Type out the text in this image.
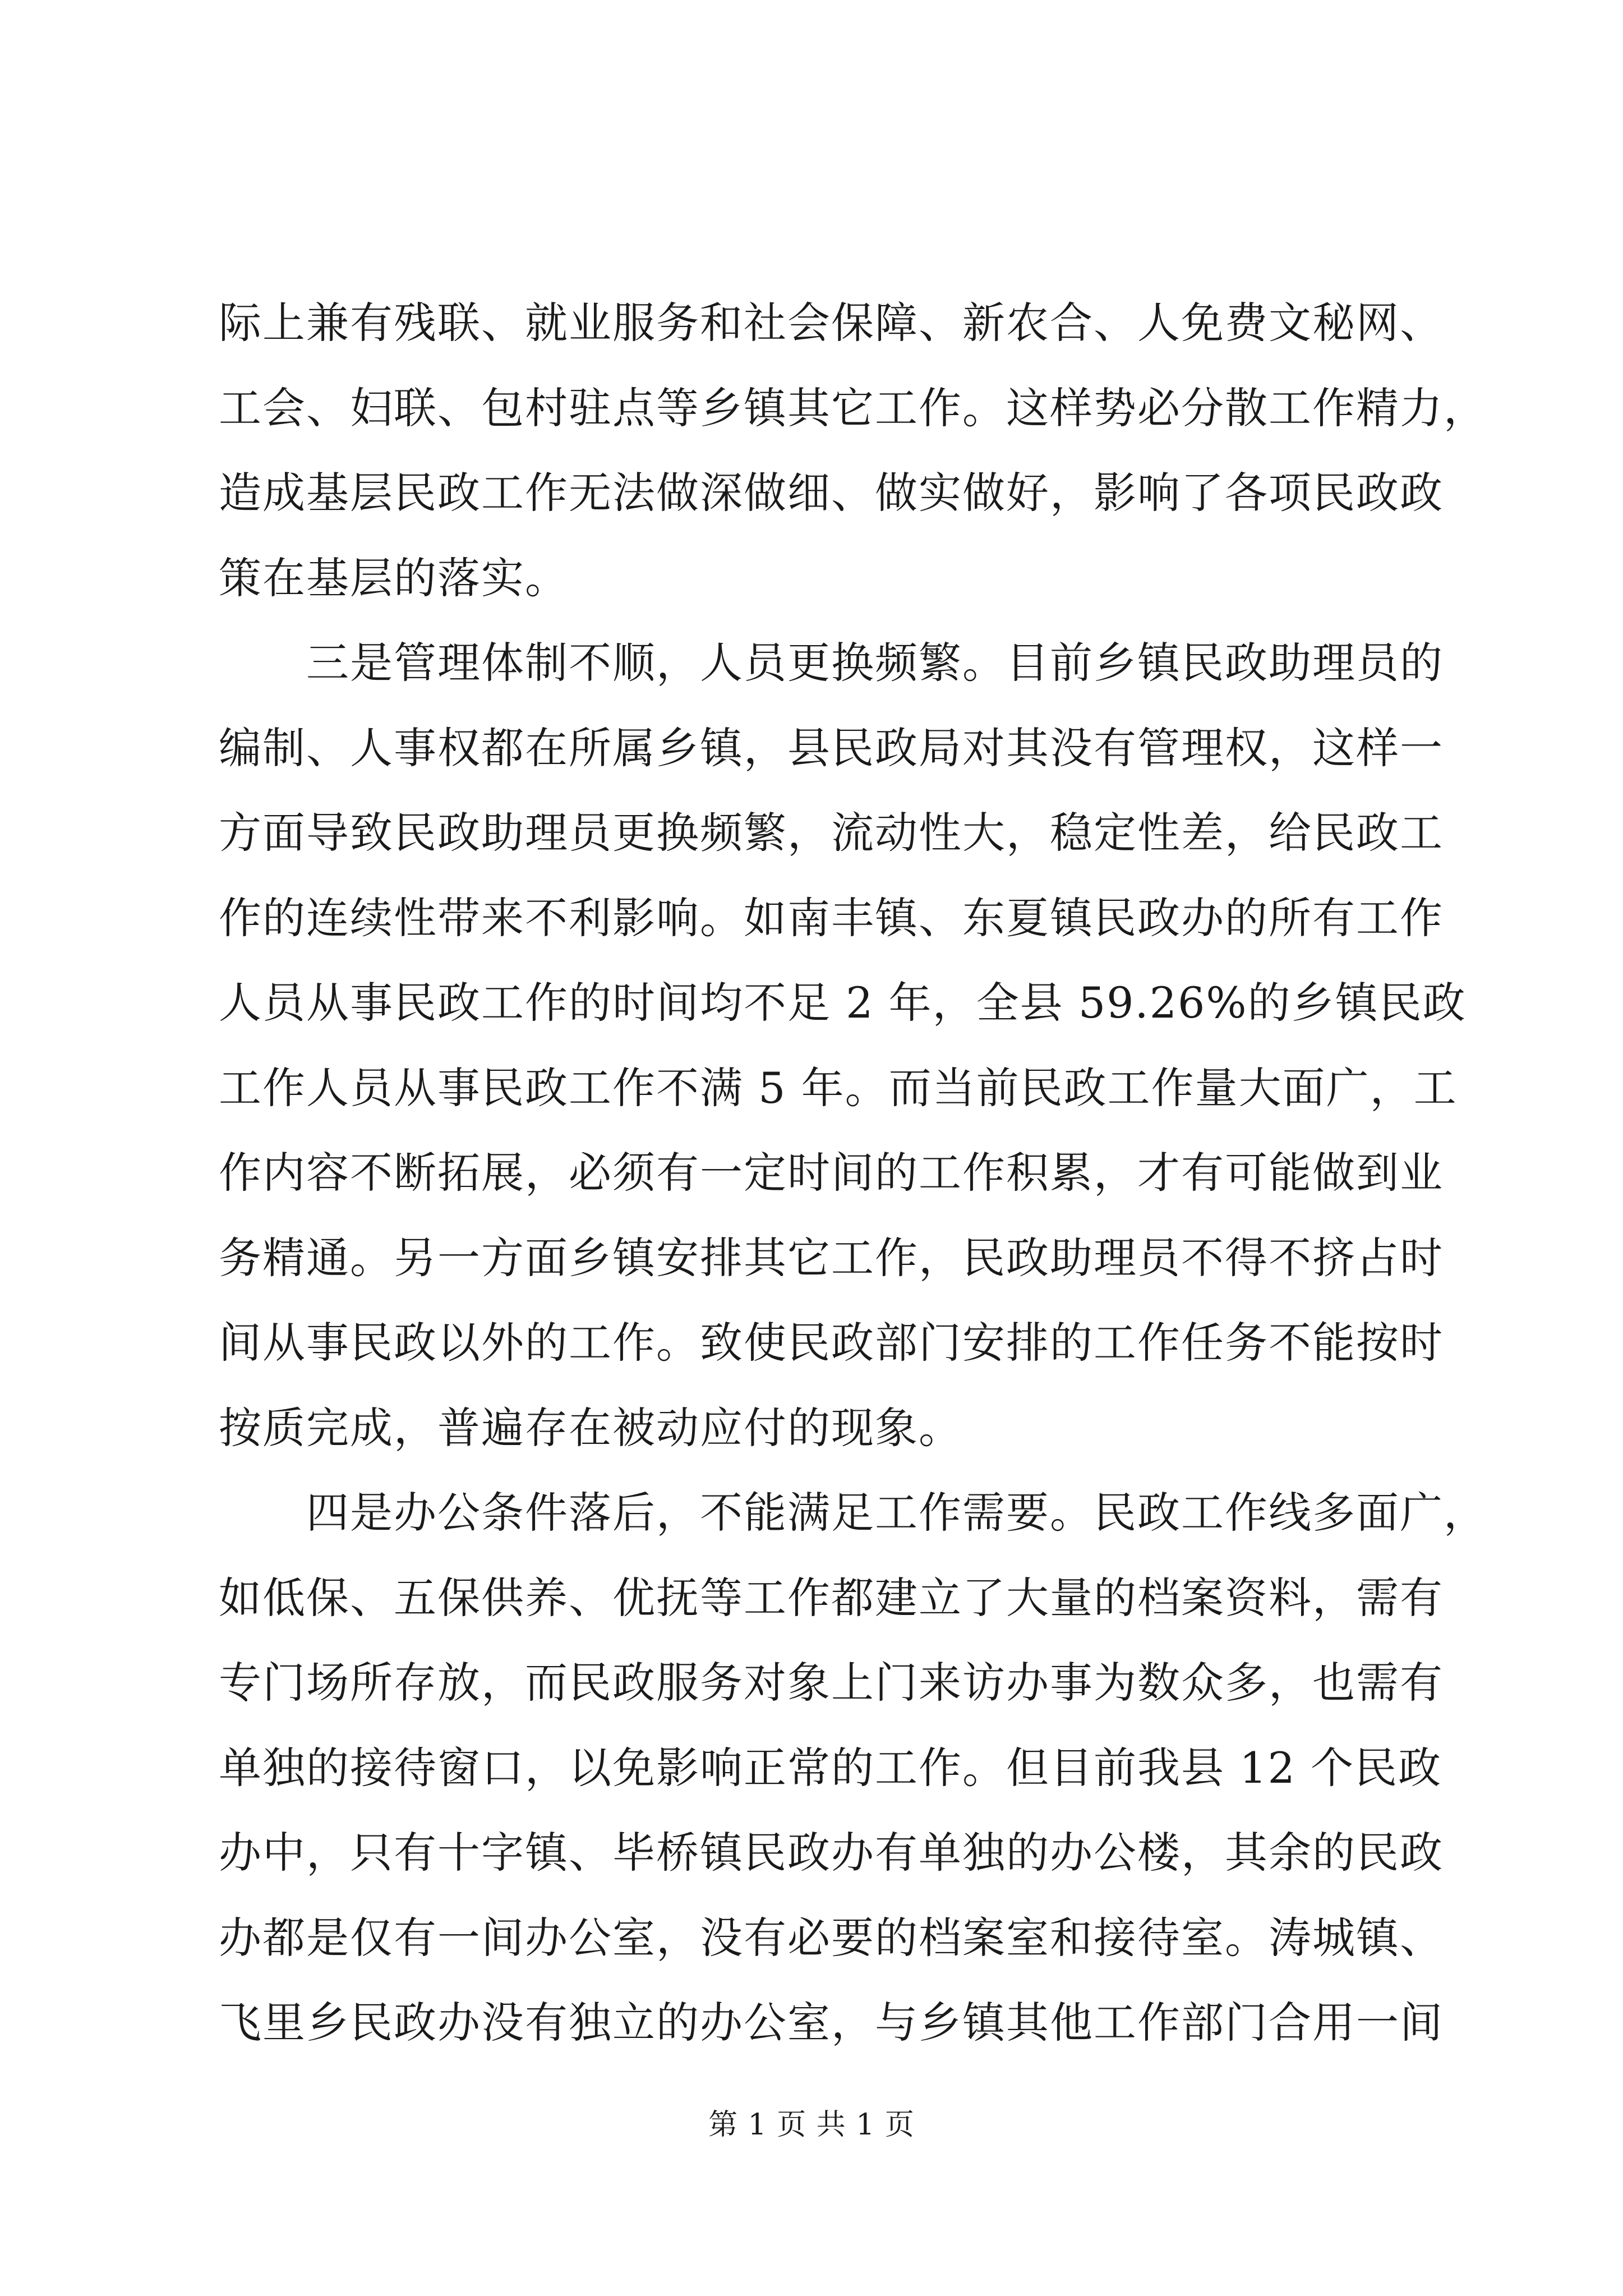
际上兼有残联、就业服务和社会保障、新农合、人免费文秘网、
工会、妇联、包村驻点等乡镇其它工作。这样势必分散工作精力，
造成基层民政工作无法做深做细、做实做好，影响了各项民政政
策在基层的落实。
　　三是管理体制不顺，人员更换频繁。目前乡镇民政助理员的
编制、人事权都在所属乡镇，县民政局对其没有管理权，这样一
方面导致民政助理员更换频繁，流动性大，稳定性差，给民政工
作的连续性带来不利影响。如南丰镇、东夏镇民政办的所有工作
人员从事民政工作的时间均不足 2 年，全县 59.26%的乡镇民政
工作人员从事民政工作不满 5 年。而当前民政工作量大面广，工
作内容不断拓展，必须有一定时间的工作积累，才有可能做到业
务精通。另一方面乡镇安排其它工作，民政助理员不得不挤占时
间从事民政以外的工作。致使民政部门安排的工作任务不能按时
按质完成，普遍存在被动应付的现象。
　　四是办公条件落后，不能满足工作需要。民政工作线多面广，
如低保、五保供养、优抚等工作都建立了大量的档案资料，需有
专门场所存放，而民政服务对象上门来访办事为数众多，也需有
单独的接待窗口，以免影响正常的工作。但目前我县 12 个民政
办中，只有十字镇、毕桥镇民政办有单独的办公楼，其余的民政
办都是仅有一间办公室，没有必要的档案室和接待室。涛城镇、
飞里乡民政办没有独立的办公室，与乡镇其他工作部门合用一间
第 1 页 共 1 页
